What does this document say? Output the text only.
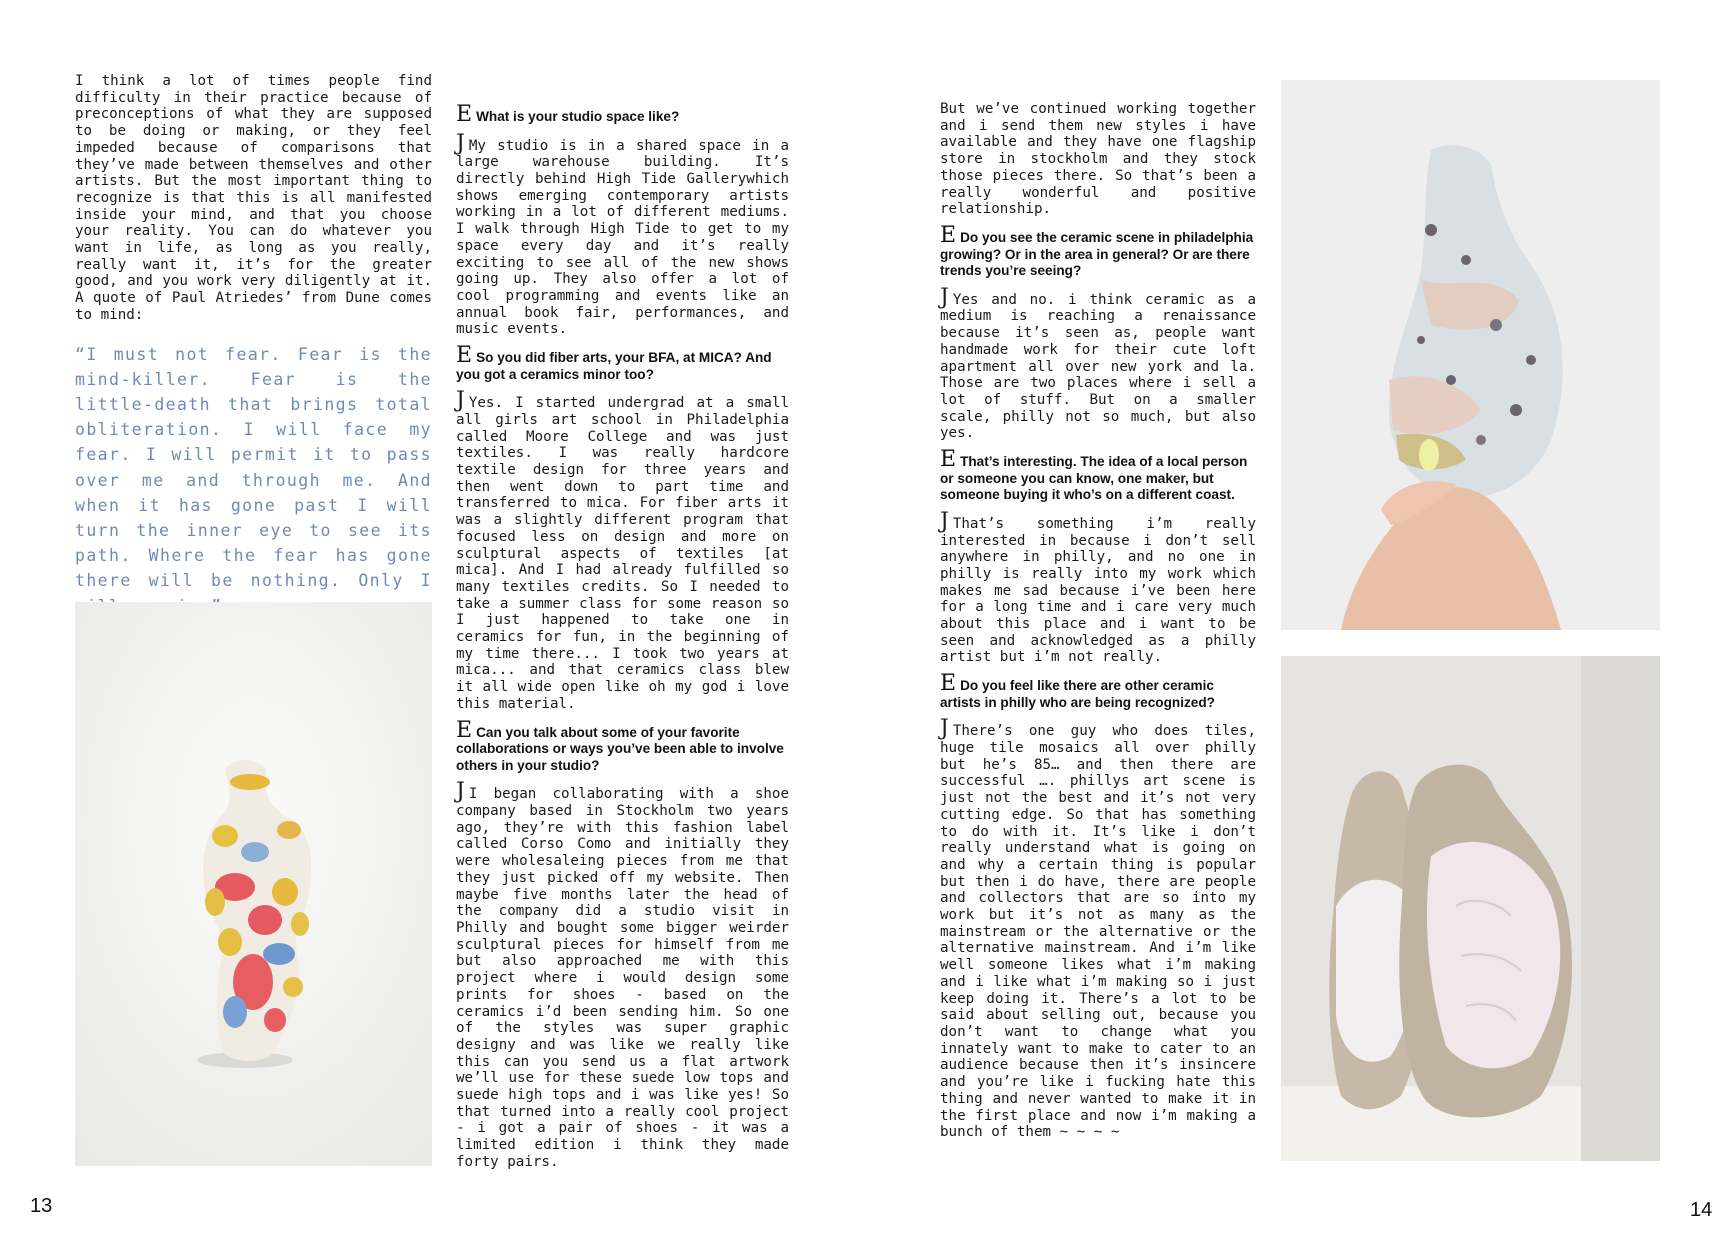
I think a lot of times people find difficulty in their practice because of preconceptions of what they are supposed to be doing or making, or they feel impeded because of comparisons that they’ve made between themselves and other artists. But the most important thing to recognize is that this is all manifested inside your mind, and that you choose your reality. You can do whatever you want in life, as long as you really, really want it, it’s for the greater good, and you work very diligently at it. A quote of Paul Atriedes’ from Dune comes to mind:

“I must not fear. Fear is the mind-killer. Fear is the little-death that brings total obliteration. I will face my fear. I will permit it to pass over me and through me. And when it has gone past I will turn the inner eye to see its path. Where the fear has gone there will be nothing. Only I

13

E What is your studio space like?

J My studio is in a shared space in a large warehouse building. It’s directly behind High Tide Gallerywhich shows emerging contemporary artists working in a lot of different mediums. I walk through High Tide to get to my space every day and it’s really exciting to see all of the new shows going up. They also offer a lot of cool programming and events like an annual book fair, performances, and music events.

E So you did fiber arts, your BFA, at MICA? And you got a ceramics minor too?

J Yes. I started undergrad at a small all girls art school in Philadelphia called Moore College and was just textiles. I was really hardcore textile design for three years and then went down to part time and transferred to mica. For fiber arts it was a slightly different program that focused less on design and more on sculptural aspects of textiles [at mica]. And I had already fulfilled so many textiles credits. So I needed to take a summer class for some reason so I just happened to take one in ceramics for fun, in the beginning of my time there... I took two years at mica... and that ceramics class blew it all wide open like oh my god i love this material.

E Can you talk about some of your favorite collaborations or ways you’ve been able to involve others in your studio?

J I began collaborating with a shoe company based in Stockholm two years ago, they’re with this fashion label called Corso Como and initially they were wholesaleing pieces from me that they just picked off my website. Then maybe five months later the head of the company did a studio visit in Philly and bought some bigger weirder sculptural pieces for himself from me but also approached me with this project where i would design some prints for shoes - based on the ceramics i’d been sending him. So one of the styles was super graphic designy and was like we really like this can you send us a flat artwork we’ll use for these suede low tops and suede high tops and i was like yes! So that turned into a really cool project - i got a pair of shoes - it was a limited edition i think they made forty pairs.

But we’ve continued working together and i send them new styles i have available and they have one flagship store in stockholm and they stock those pieces there. So that’s been a really wonderful and positive relationship.

E Do you see the ceramic scene in philadelphia growing? Or in the area in general? Or are there trends you’re seeing?

J Yes and no. i think ceramic as a medium is reaching a renaissance because it’s seen as, people want handmade work for their cute loft apartment all over new york and la. Those are two places where i sell a lot of stuff. But on a smaller scale, philly not so much, but also yes.

E That’s interesting. The idea of a local person or someone you can know, one maker, but someone buying it who’s on a different coast.

J That’s something i’m really interested in because i don’t sell anywhere in philly, and no one in philly is really into my work which makes me sad because i’ve been here for a long time and i care very much about this place and i want to be seen and acknowledged as a philly artist but i’m not really.

E Do you feel like there are other ceramic artists in philly who are being recognized?

J There’s one guy who does tiles, huge tile mosaics all over philly but he’s 85… and then there are successful …. phillys art scene is just not the best and it’s not very cutting edge. So that has something to do with it. It’s like i don’t really understand what is going on and why a certain thing is popular but then i do have, there are people and collectors that are so into my work but it’s not as many as the mainstream or the alternative or the alternative mainstream. And i’m like well someone likes what i’m making and i like what i’m making so i just keep doing it. There’s a lot to be said about selling out, because you don’t want to change what you innately want to make to cater to an audience because then it’s insincere and you’re like i fucking hate this thing and never wanted to make it in the first place and now i’m making a bunch of them ~ ~ ~ ~

14
